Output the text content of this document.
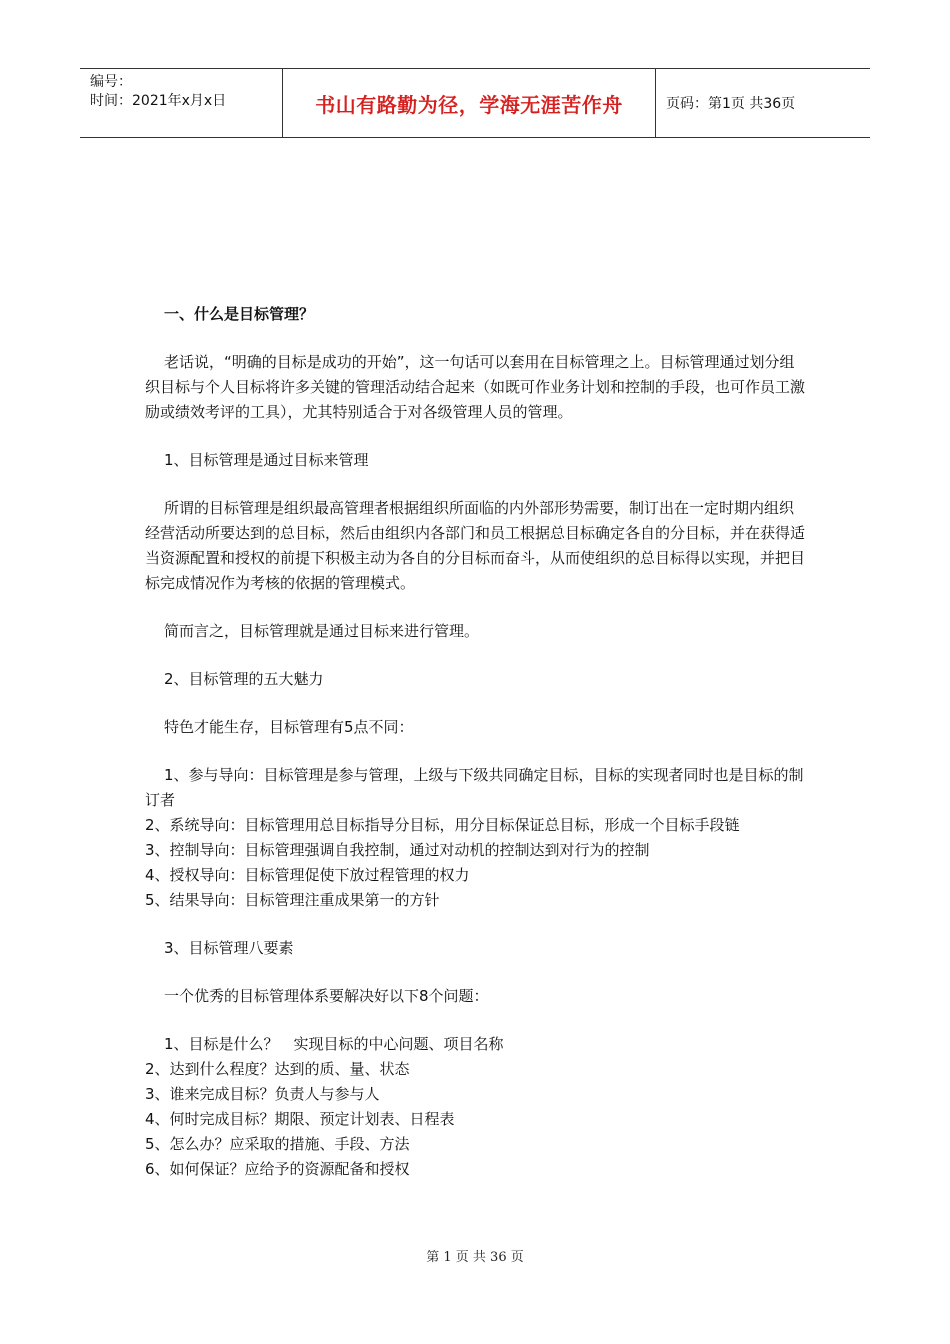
编号：
时间：2021年x月x日	书山有路勤为径，学海无涯苦作舟	页码：第1页 共36页

一、什么是目标管理？

老话说，“明确的目标是成功的开始”，这一句话可以套用在目标管理之上。目标管理通过划分组织目标与个人目标将许多关键的管理活动结合起来（如既可作业务计划和控制的手段，也可作员工激励或绩效考评的工具），尤其特别适合于对各级管理人员的管理。

1、目标管理是通过目标来管理

所谓的目标管理是组织最高管理者根据组织所面临的内外部形势需要，制订出在一定时期内组织经营活动所要达到的总目标，然后由组织内各部门和员工根据总目标确定各自的分目标，并在获得适当资源配置和授权的前提下积极主动为各自的分目标而奋斗，从而使组织的总目标得以实现，并把目标完成情况作为考核的依据的管理模式。

简而言之，目标管理就是通过目标来进行管理。

2、目标管理的五大魅力

特色才能生存，目标管理有5点不同：

1、参与导向：目标管理是参与管理，上级与下级共同确定目标，目标的实现者同时也是目标的制订者
2、系统导向：目标管理用总目标指导分目标，用分目标保证总目标，形成一个目标手段链
3、控制导向：目标管理强调自我控制，通过对动机的控制达到对行为的控制
4、授权导向：目标管理促使下放过程管理的权力
5、结果导向：目标管理注重成果第一的方针

3、目标管理八要素

一个优秀的目标管理体系要解决好以下8个问题：

1、目标是什么？　实现目标的中心问题、项目名称
2、达到什么程度？达到的质、量、状态
3、谁来完成目标？负责人与参与人
4、何时完成目标？期限、预定计划表、日程表
5、怎么办？应采取的措施、手段、方法
6、如何保证？应给予的资源配备和授权
第 1 页 共 36 页
